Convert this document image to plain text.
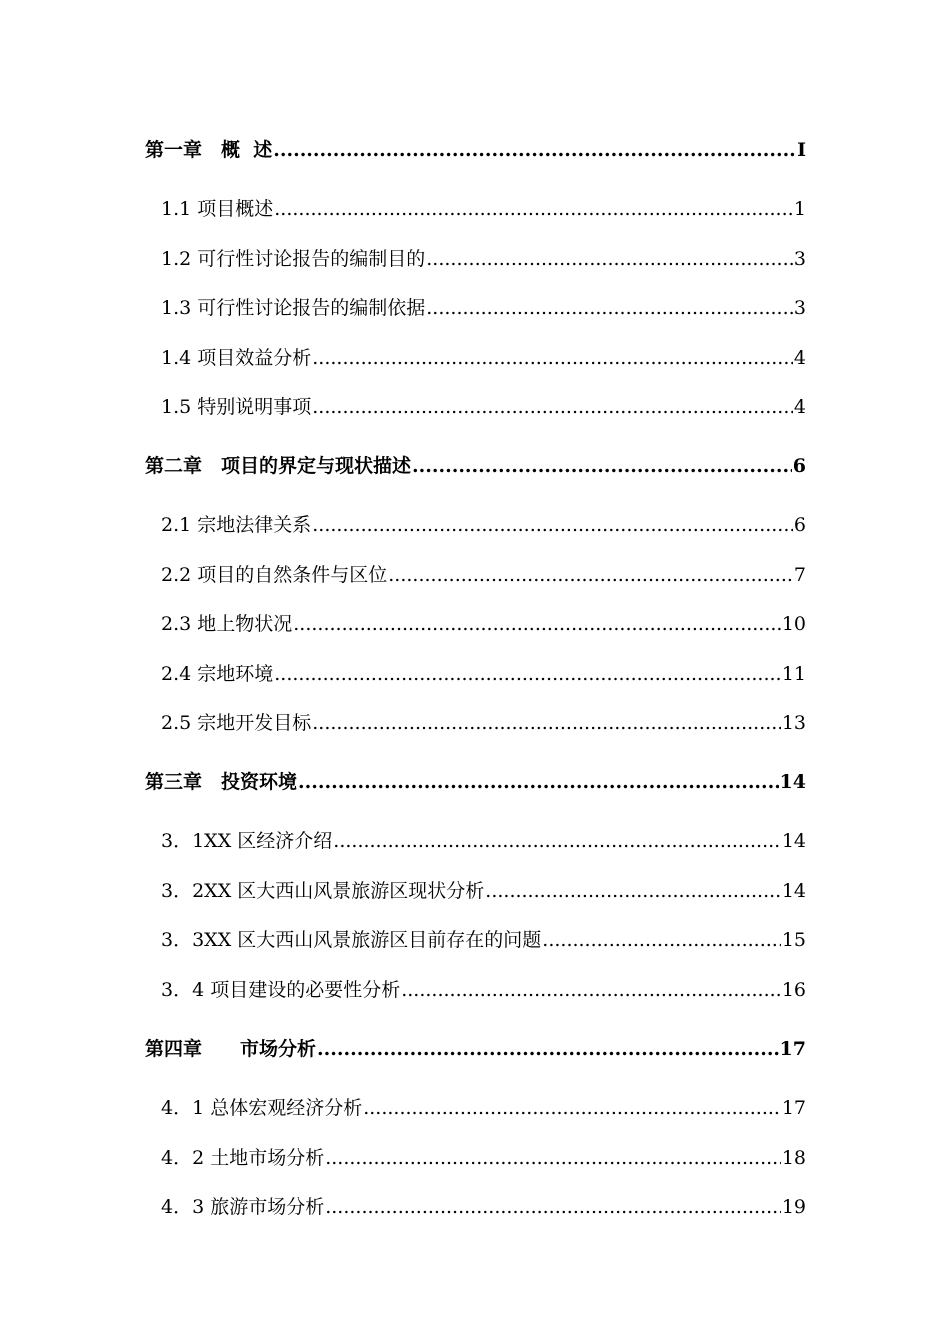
第一章　概  述 .....	I
1.1 项目概述 .....	1
1.2 可行性讨论报告的编制目的 .....	3
1.3 可行性讨论报告的编制依据 .....	3
1.4 项目效益分析 .....	4
1.5 特别说明事项 .....	4
第二章　项目的界定与现状描述 .....	6
2.1 宗地法律关系 .....	6
2.2 项目的自然条件与区位 .....	7
2.3 地上物状况 .....	10
2.4 宗地环境 .....	11
2.5 宗地开发目标 .....	13
第三章　投资环境 .....	14
3．1XX 区经济介绍 .....	14
3．2XX 区大西山风景旅游区现状分析 .....	14
3．3XX 区大西山风景旅游区目前存在的问题 .....	15
3．4 项目建设的必要性分析 .....	16
第四章　　市场分析 .....	17
4．1 总体宏观经济分析 .....	17
4．2 土地市场分析 .....	18
4．3 旅游市场分析 .....	19
